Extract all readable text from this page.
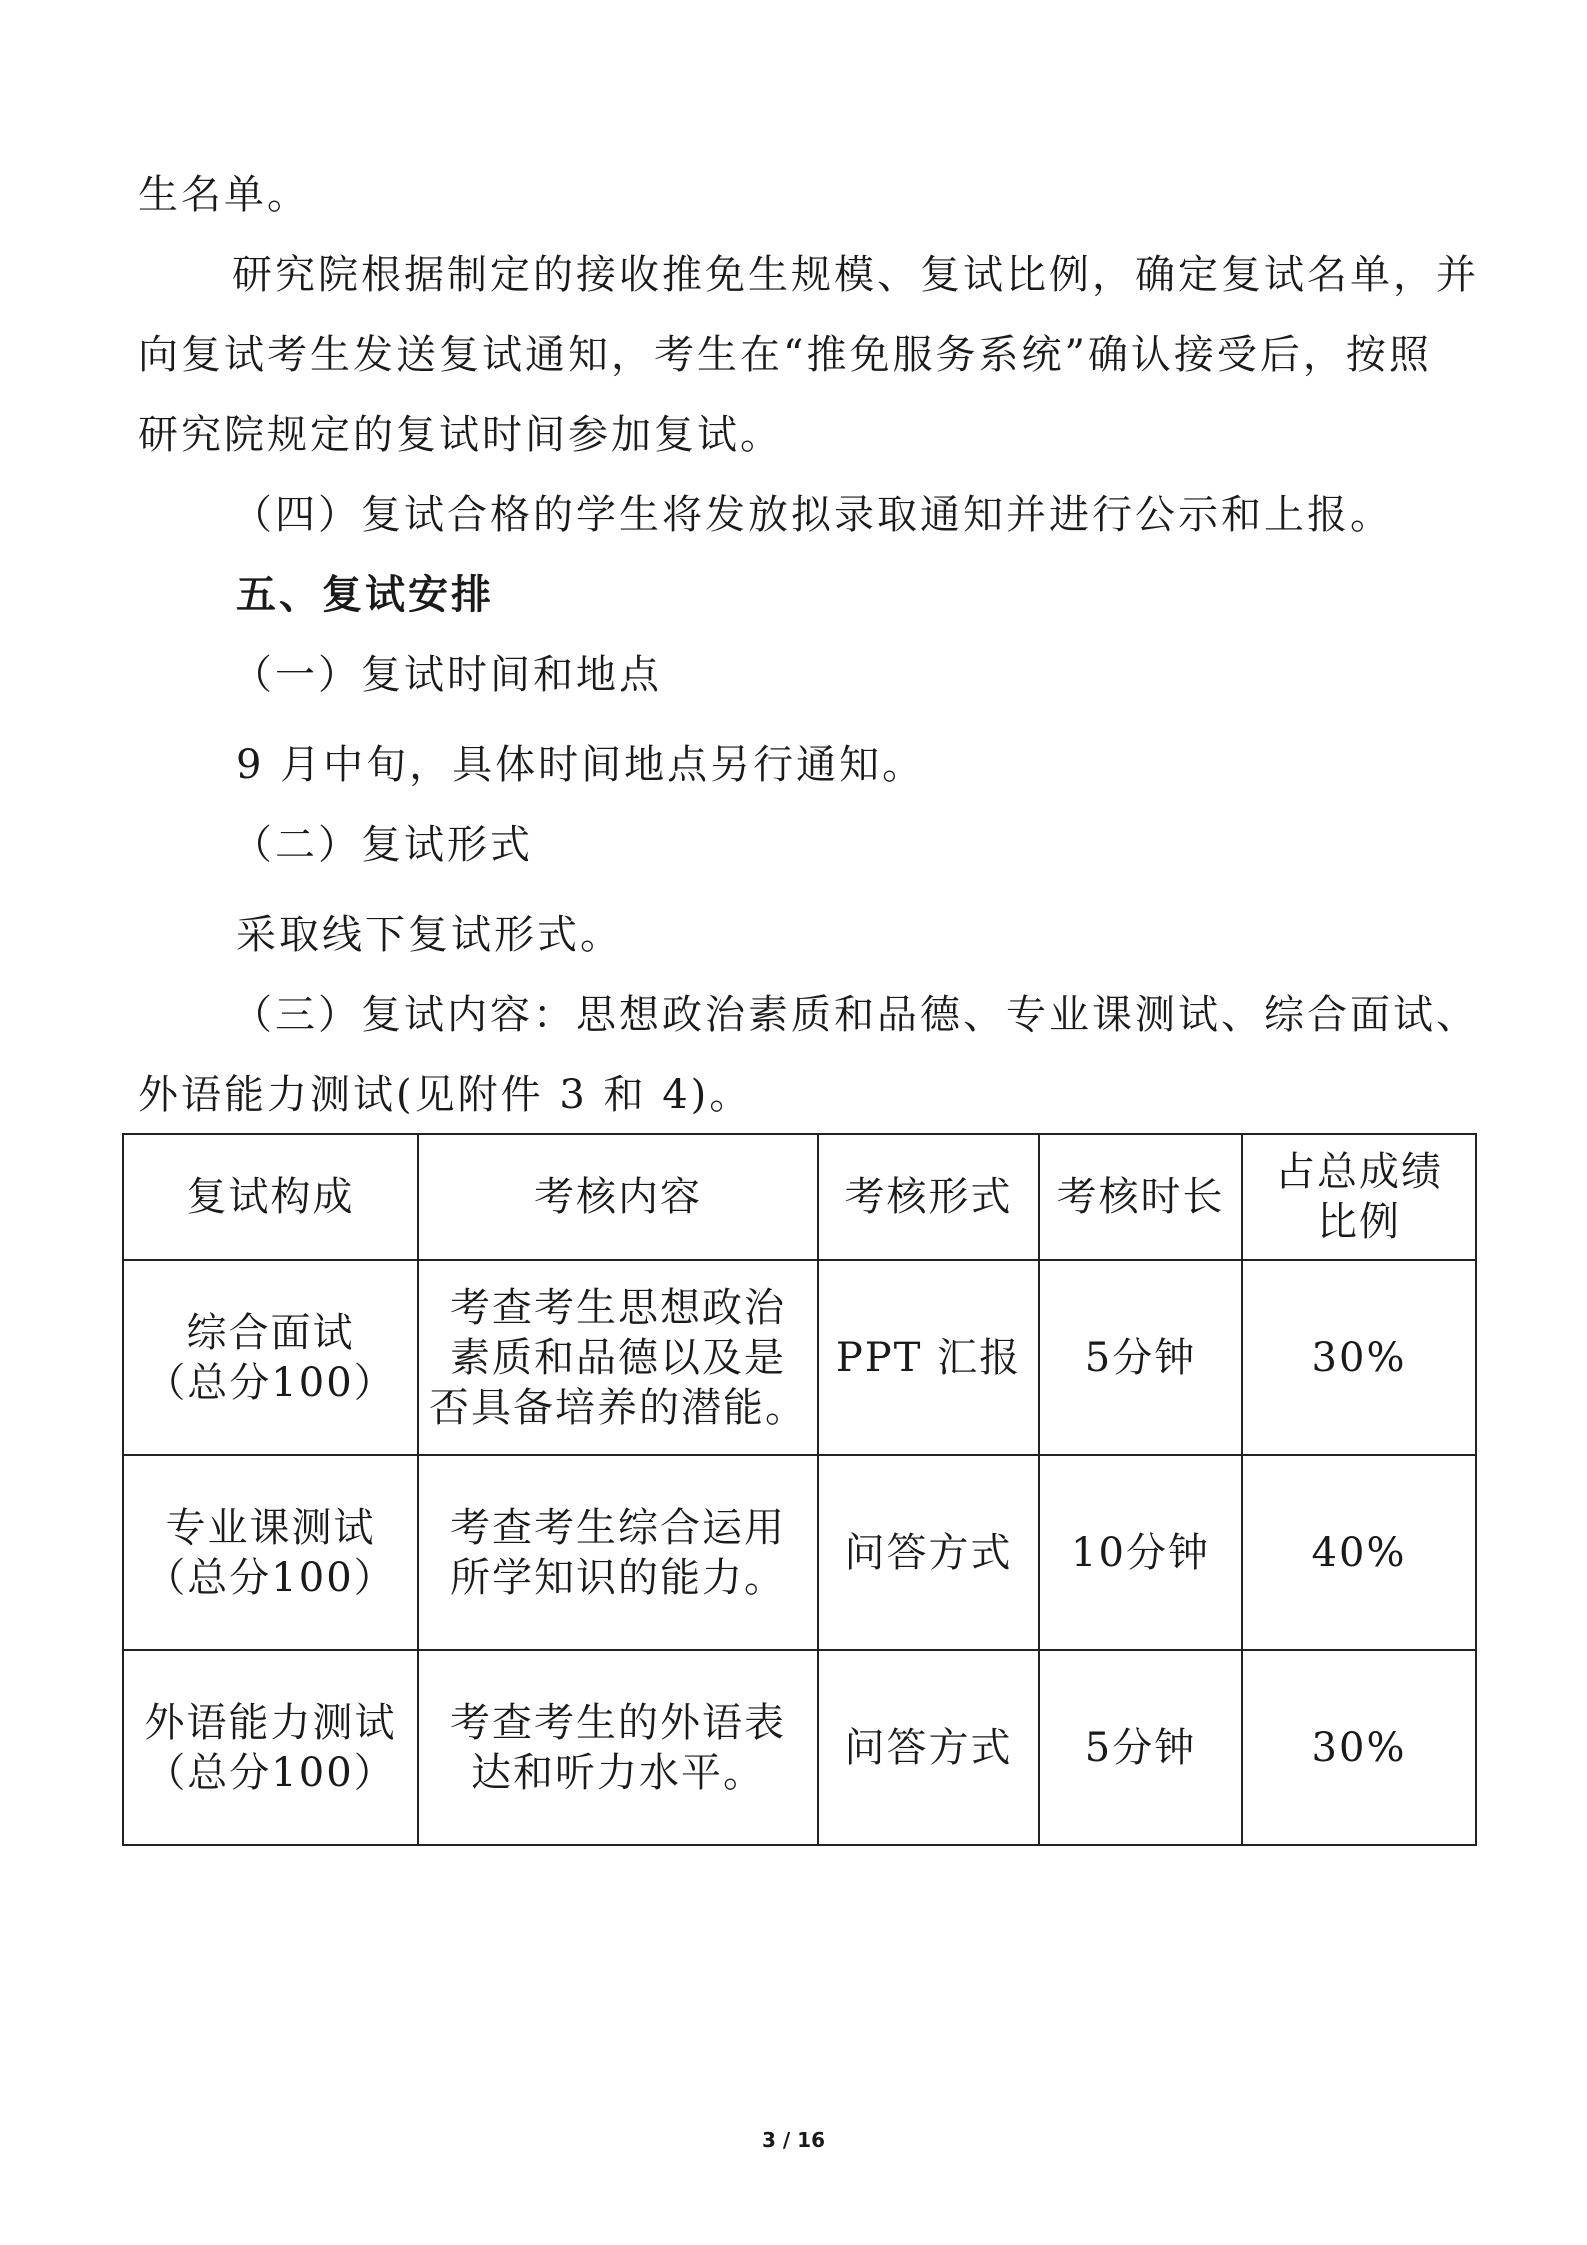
生名单。
研究院根据制定的接收推免生规模、复试比例，确定复试名单，并
向复试考生发送复试通知，考生在“推免服务系统”确认接受后，按照
研究院规定的复试时间参加复试。
（四）复试合格的学生将发放拟录取通知并进行公示和上报。
五、复试安排
（一）复试时间和地点
9 月中旬，具体时间地点另行通知。
（二）复试形式
采取线下复试形式。
（三）复试内容：思想政治素质和品德、专业课测试、综合面试、
外语能力测试(见附件 3 和 4)。
复试构成	考核内容	考核形式	考核时长	占总成绩
比例

综合面试
（总分100）	考查考生思想政治
素质和品德以及是
否具备培养的潜能。	PPT 汇报	5分钟	30%

专业课测试
（总分100）	考查考生综合运用
所学知识的能力。	问答方式	10分钟	40%

外语能力测试
（总分100）	考查考生的外语表
达和听力水平。	问答方式	5分钟	30%
3 / 16
